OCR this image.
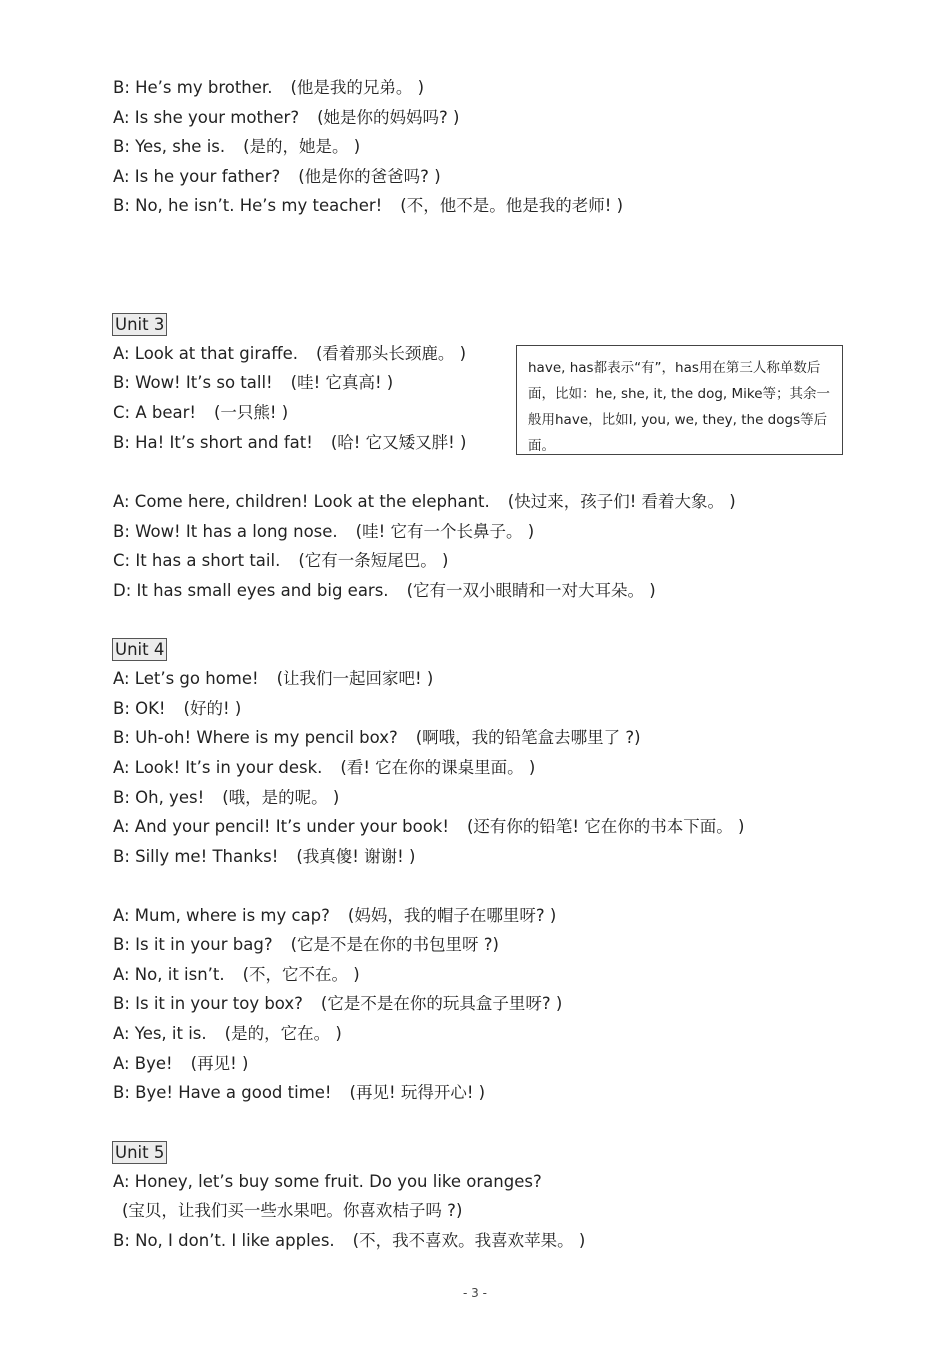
B: He’s my brother. (他是我的兄弟。 )
A: Is she your mother? (她是你的妈妈吗? )
B: Yes, she is. (是的，她是。 )
A: Is he your father? (他是你的爸爸吗? )
B: No, he isn’t. He’s my teacher! (不，他不是。他是我的老师! )
Unit 3
A: Look at that giraffe. (看着那头长颈鹿。 )
B: Wow! It’s so tall! (哇! 它真高! )
C: A bear! (一只熊! )
B: Ha! It’s short and fat! (哈! 它又矮又胖! )
have, has都表示“有”，has用在第三人称单数后面，比如：he, she, it, the dog, Mike等；其余一般用have，比如I, you, we, they, the dogs等后面。
A: Come here, children! Look at the elephant. (快过来，孩子们! 看着大象。 )
B: Wow! It has a long nose. (哇! 它有一个长鼻子。 )
C: It has a short tail. (它有一条短尾巴。 )
D: It has small eyes and big ears. (它有一双小眼睛和一对大耳朵。 )
Unit 4
A: Let’s go home! (让我们一起回家吧! )
B: OK! (好的! )
B: Uh-oh! Where is my pencil box? (啊哦，我的铅笔盒去哪里了 ?)
A: Look! It’s in your desk. (看! 它在你的课桌里面。 )
B: Oh, yes! (哦，是的呢。 )
A: And your pencil! It’s under your book! (还有你的铅笔! 它在你的书本下面。 )
B: Silly me! Thanks! (我真傻! 谢谢! )
A: Mum, where is my cap? (妈妈，我的帽子在哪里呀? )
B: Is it in your bag? (它是不是在你的书包里呀 ?)
A: No, it isn’t. (不，它不在。 )
B: Is it in your toy box? (它是不是在你的玩具盒子里呀? )
A: Yes, it is. (是的，它在。 )
A: Bye! (再见! )
B: Bye! Have a good time! (再见! 玩得开心! )
Unit 5
A: Honey, let’s buy some fruit. Do you like oranges?
(宝贝，让我们买一些水果吧。你喜欢桔子吗 ?)
B: No, I don’t. I like apples. (不，我不喜欢。我喜欢苹果。 )
- 3 -
